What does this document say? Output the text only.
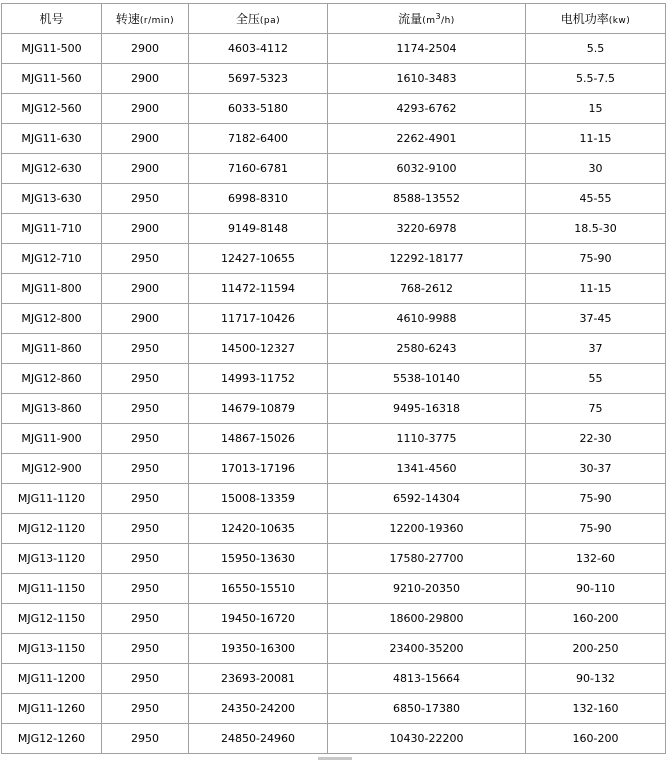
机号	转速(r/min)	全压(pa)	流量(m3/h)	电机功率(kw)
MJG11-500	2900	4603-4112	1174-2504	5.5
MJG11-560	2900	5697-5323	1610-3483	5.5-7.5
MJG12-560	2900	6033-5180	4293-6762	15
MJG11-630	2900	7182-6400	2262-4901	11-15
MJG12-630	2900	7160-6781	6032-9100	30
MJG13-630	2950	6998-8310	8588-13552	45-55
MJG11-710	2900	9149-8148	3220-6978	18.5-30
MJG12-710	2950	12427-10655	12292-18177	75-90
MJG11-800	2900	11472-11594	768-2612	11-15
MJG12-800	2900	11717-10426	4610-9988	37-45
MJG11-860	2950	14500-12327	2580-6243	37
MJG12-860	2950	14993-11752	5538-10140	55
MJG13-860	2950	14679-10879	9495-16318	75
MJG11-900	2950	14867-15026	1110-3775	22-30
MJG12-900	2950	17013-17196	1341-4560	30-37
MJG11-1120	2950	15008-13359	6592-14304	75-90
MJG12-1120	2950	12420-10635	12200-19360	75-90
MJG13-1120	2950	15950-13630	17580-27700	132-60
MJG11-1150	2950	16550-15510	9210-20350	90-110
MJG12-1150	2950	19450-16720	18600-29800	160-200
MJG13-1150	2950	19350-16300	23400-35200	200-250
MJG11-1200	2950	23693-20081	4813-15664	90-132
MJG11-1260	2950	24350-24200	6850-17380	132-160
MJG12-1260	2950	24850-24960	10430-22200	160-200
